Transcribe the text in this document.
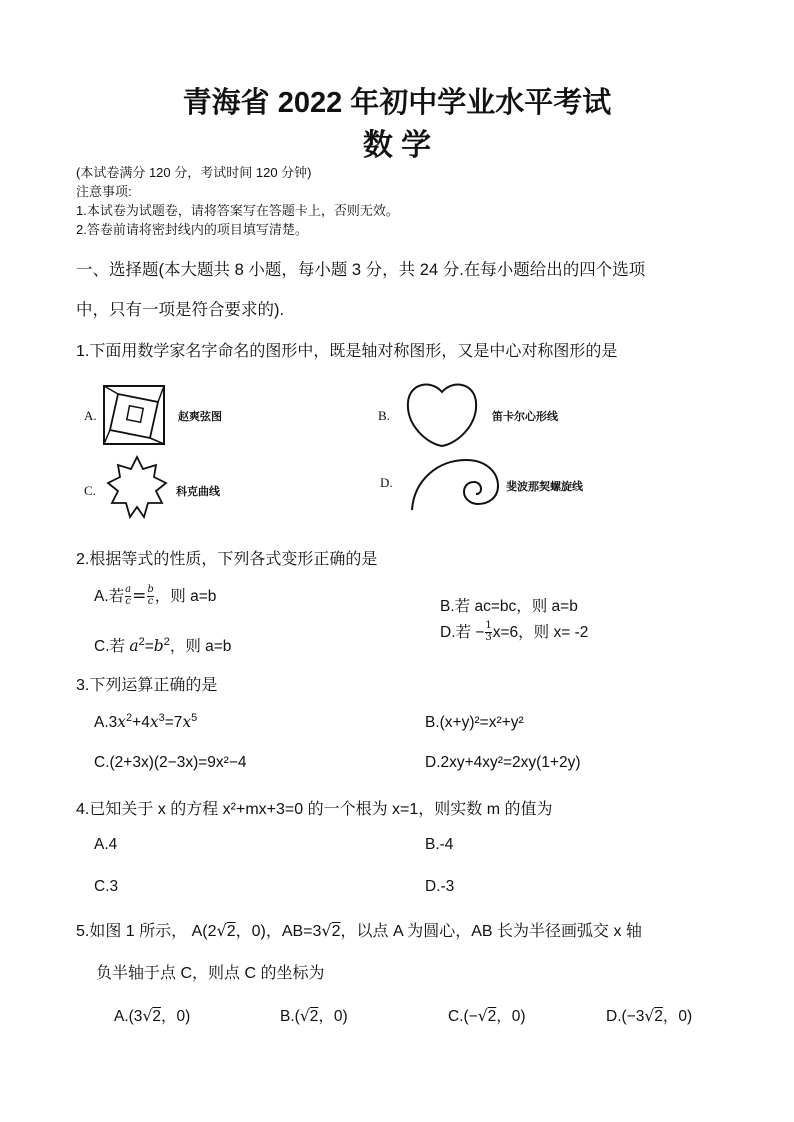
青海省 2022 年初中学业水平考试
数 学
(本试卷满分 120 分，考试时间 120 分钟)
注意事项:
1.本试卷为试题卷，请将答案写在答题卡上，否则无效。
2.答卷前请将密封线内的项目填写清楚。
一、选择题(本大题共 8 小题，每小题 3 分，共 24 分.在每小题给出的四个选项
中，只有一项是符合要求的).
1.下面用数学家名字命名的图形中，既是轴对称图形，又是中心对称图形的是
A.	赵爽弦图	B.	笛卡尔心形线
C.	科克曲线
D.	斐波那契螺旋线
2.根据等式的性质，下列各式变形正确的是
A.若 $\frac{a}{c} = \frac{b}{c}$ ，则 a=b
B.若 ac=bc，则 a=b
C.若 $a^2=b^2$，则 a=b
D.若 − $\frac{1}{3} x=6$，则 x= -2
3.下列运算正确的是
$A.3x^2+4x^3=7x^5$	B.(x+y)²=x²+y²
C.(2+3x)(2−3x)=9x²−4	D.2xy+4xy²=2xy(1+2y)
4.已知关于 x 的方程 x²+mx+3=0 的一个根为 x=1，则实数 m 的值为
A.4	B.-4
C.3	D.-3
5.如图 1 所示， A(2√2，0)，AB=3√2，以点 A 为圆心，AB 长为半径画弧交 x 轴
负半轴于点 C，则点 C 的坐标为
A.(3√2，0)	B.(√2，0)	C.(−√2，0)	D.(−3√2，0)
